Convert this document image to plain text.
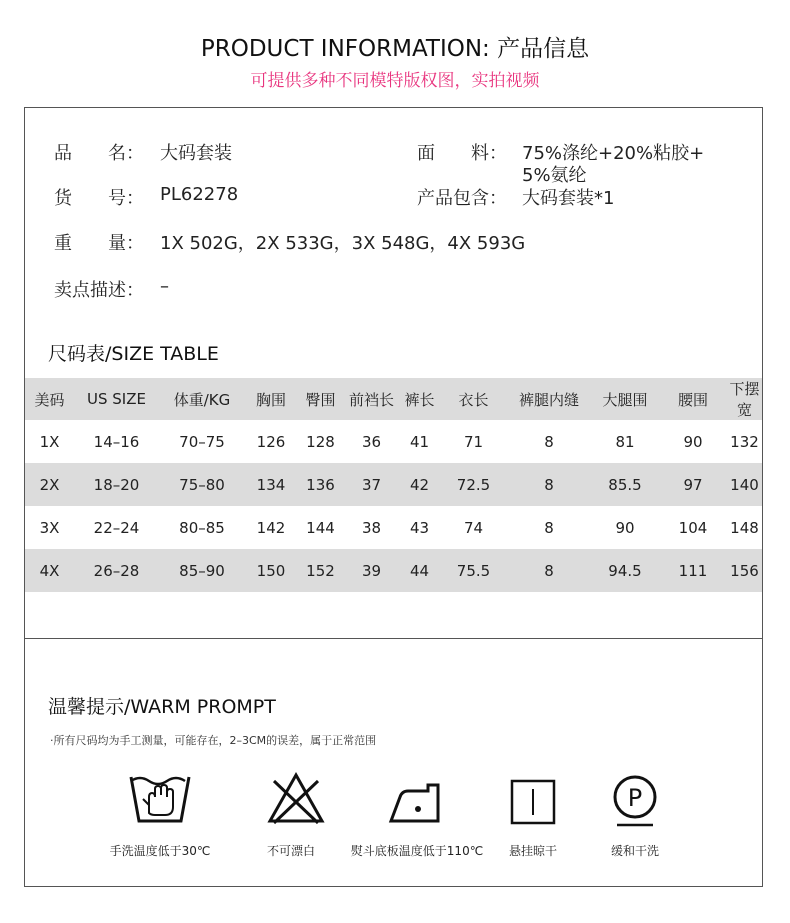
PRODUCT INFORMATION: 产品信息
可提供多种不同模特版权图，实拍视频
品　　名： 大码套装
货　　号： PL62278
重　　量： 1X 502G，2X 533G，3X 548G，4X 593G
卖点描述： –
面　　料： 75%涤纶+20%粘胶+
5%氨纶
产品包含： 大码套装*1
尺码表/SIZE TABLE
美码	US SIZE	体重/KG	胸围	臀围	前裆长	裤长	衣长	裤腿内缝	大腿围	腰围	下摆宽
1X	14–16	70–75	126	128	36	41	71	8	81	90	132
2X	18–20	75–80	134	136	37	42	72.5	8	85.5	97	140
3X	22–24	80–85	142	144	38	43	74	8	90	104	148
4X	26–28	85–90	150	152	39	44	75.5	8	94.5	111	156
温馨提示/WARM PROMPT
·所有尺码均为手工测量，可能存在，2–3CM的误差，属于正常范围
P
手洗温度低于30℃	不可漂白	熨斗底板温度低于110℃	悬挂晾干	缓和干洗
